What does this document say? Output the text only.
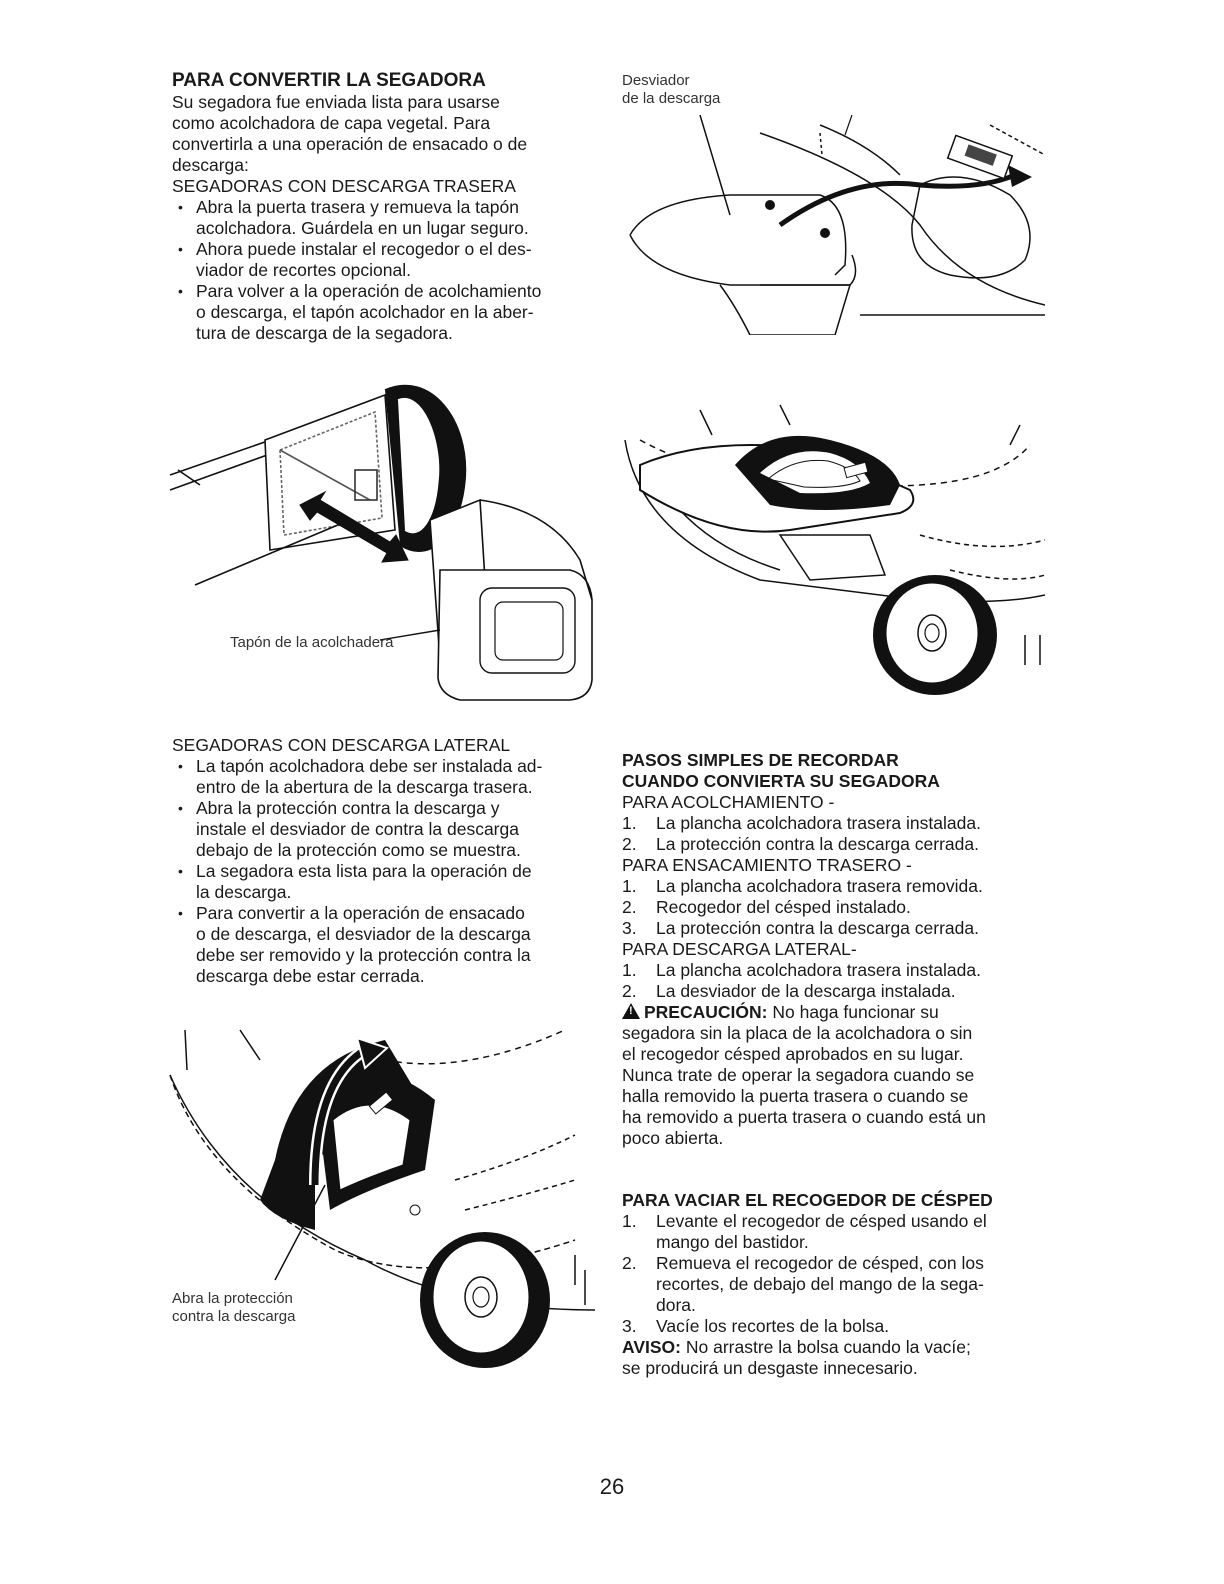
PARA CONVERTIR LA SEGADORA

Su segadora fue enviada lista para usarse

como acolchadora de capa vegetal. Para

convertirla a una operación de ensacado o de

descarga:

SEGADORAS CON DESCARGA TRASERA

• Abra la puerta trasera y remueva la tapón
acolchadora. Guárdela en un lugar seguro.
• Ahora puede instalar el recogedor o el des-
viador de recortes opcional.
• Para volver a la operación de acolchamiento
o descarga, el tapón acolchador en la aber-
tura de descarga de la segadora.
Tapón de la acolchadera
Desviador
de la descarga

SEGADORAS CON DESCARGA LATERAL

• La tapón acolchadora debe ser instalada ad-
entro de la abertura de la descarga trasera.
• Abra la protección contra la descarga y
instale el desviador de contra la descarga
debajo de la protección como se muestra.
• La segadora esta lista para la operación de
la descarga.
• Para convertir a la operación de ensacado
o de descarga, el desviador de la descarga
debe ser removido y la protección contra la
descarga debe estar cerrada.
Abra la protección
contra la descarga

PASOS SIMPLES DE RECORDAR

CUANDO CONVIERTA SU SEGADORA

PARA ACOLCHAMIENTO -

1. La plancha acolchadora trasera instalada.
2. La protección contra la descarga cerrada.

PARA ENSACAMIENTO TRASERO -

1. La plancha acolchadora trasera removida.
2. Recogedor del césped instalado.
3. La protección contra la descarga cerrada.

PARA DESCARGA LATERAL-

1. La plancha acolchadora trasera instalada.
2. La desviador de la descarga instalada.

!PRECAUCIÓN: No haga funcionar su

segadora sin la placa de la acolchadora o sin

el recogedor césped aprobados en su lugar.

Nunca trate de operar la segadora cuando se

halla removido la puerta trasera o cuando se

ha removido a puerta trasera o cuando está un

poco abierta.

PARA VACIAR EL RECOGEDOR DE CÉSPED

1. Levante el recogedor de césped usando el
mango del bastidor.
2. Remueva el recogedor de césped, con los
recortes, de debajo del mango de la sega-
dora.
3. Vacíe los recortes de la bolsa.

AVISO: No arrastre la bolsa cuando la vacíe;

se producirá un desgaste innecesario.

26
